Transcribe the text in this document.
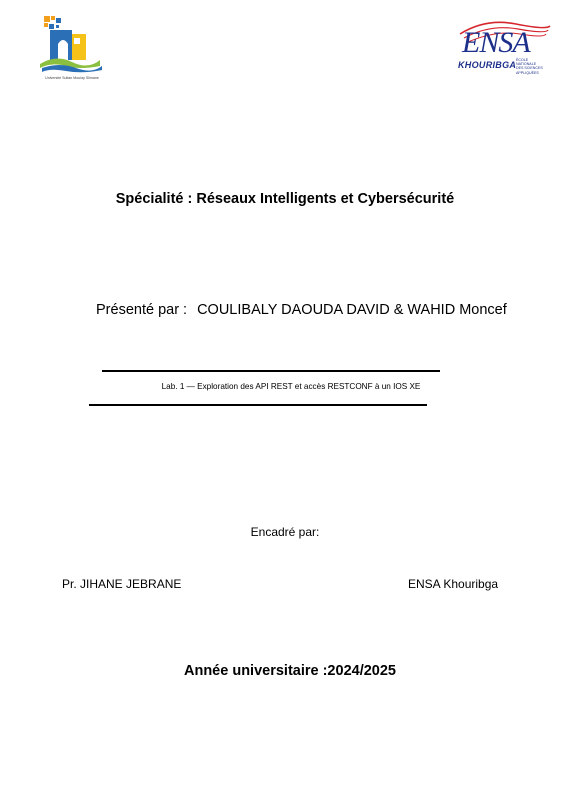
Université Sultan Moulay Slimane
ENSA
KHOURIBGA ÉCOLE
NATIONALE
DES SCIENCES
APPLIQUÉES
Spécialité : Réseaux Intelligents et Cybersécurité
Présenté par : COULIBALY DAOUDA DAVID & WAHID Moncef
Lab. 1 — Exploration des API REST et accès RESTCONF à un IOS XE
Encadré par:
Pr. JIHANE JEBRANE	ENSA Khouribga
Année universitaire :2024/2025
